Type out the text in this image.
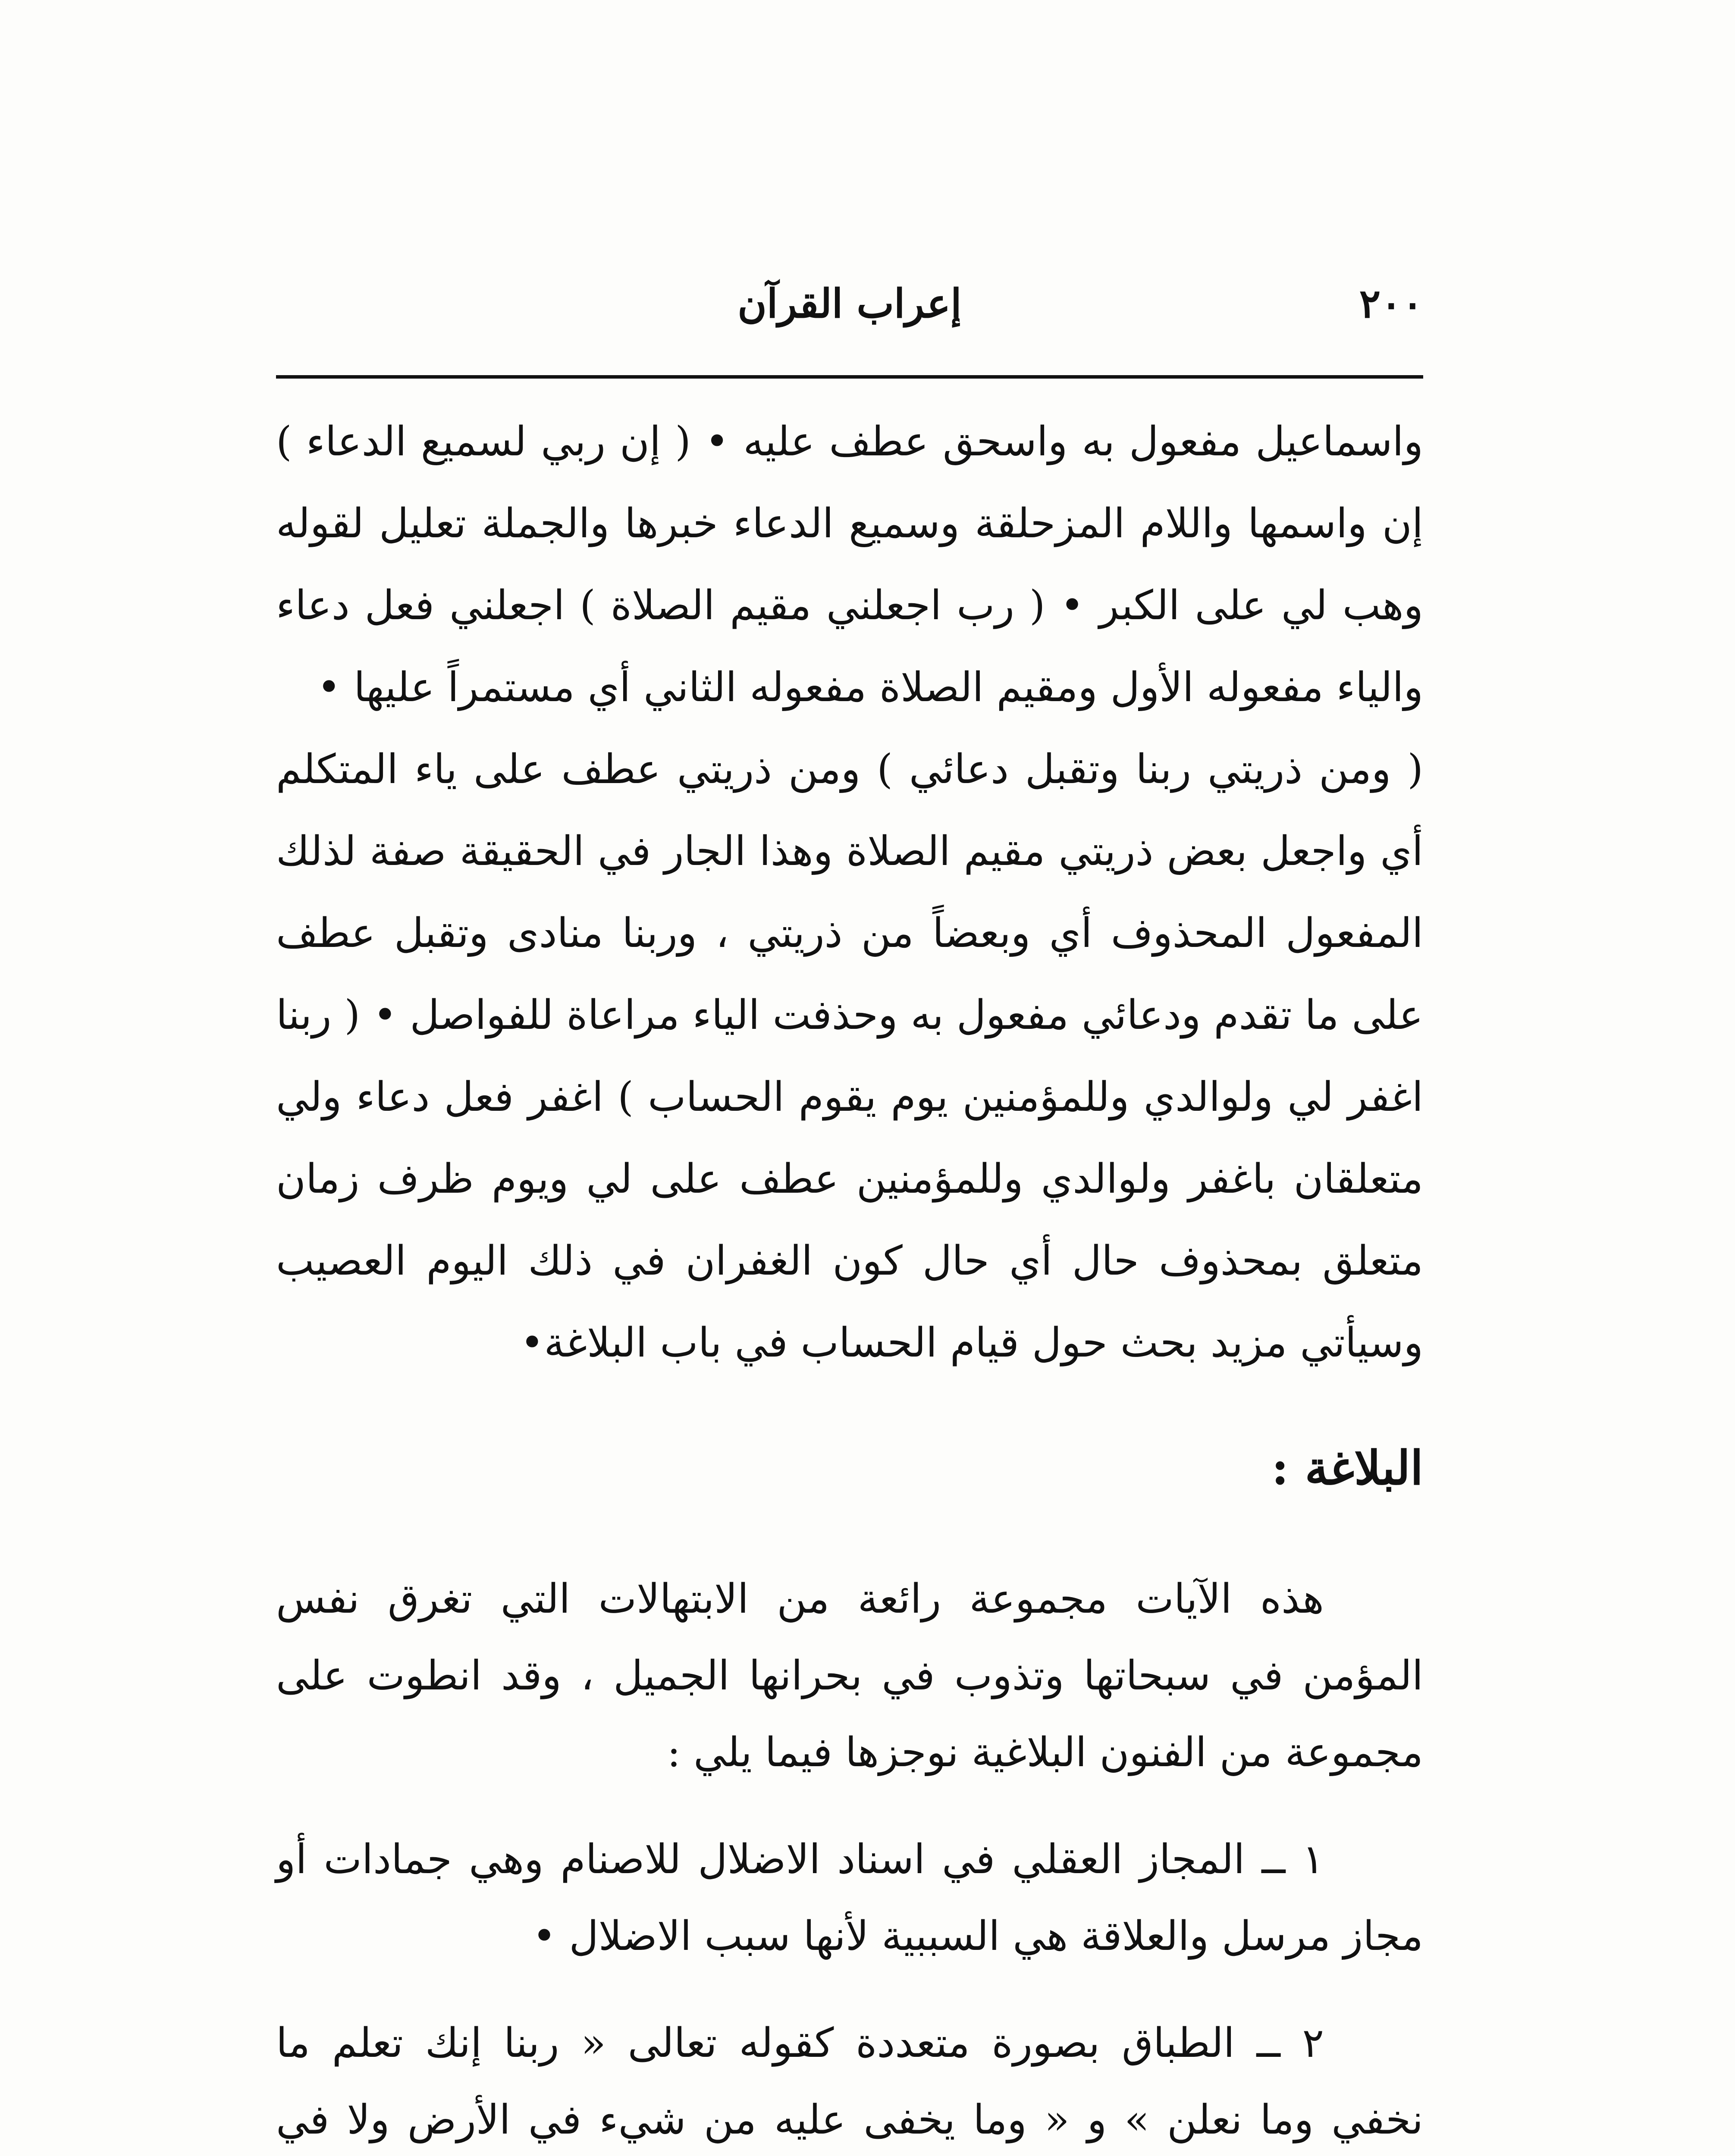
٢٠٠
إعراب القرآن

واسماعيل مفعول به واسحق عطف عليه • ( إن ربي لسميع الدعاء ) إن واسمها واللام المزحلقة وسميع الدعاء خبرها والجملة تعليل لقوله وهب لي على الكبر • ( رب اجعلني مقيم الصلاة ) اجعلني فعل دعاء والياء مفعوله الأول ومقيم الصلاة مفعوله الثاني أي مستمراً عليها •

( ومن ذريتي ربنا وتقبل دعائي ) ومن ذريتي عطف على ياء المتكلم أي واجعل بعض ذريتي مقيم الصلاة وهذا الجار في الحقيقة صفة لذلك المفعول المحذوف أي وبعضاً من ذريتي ، وربنا منادى وتقبل عطف على ما تقدم ودعائي مفعول به وحذفت الياء مراعاة للفواصل • ( ربنا اغفر لي ولوالدي وللمؤمنين يوم يقوم الحساب ) اغفر فعل دعاء ولي متعلقان باغفر ولوالدي وللمؤمنين عطف على لي ويوم ظرف زمان متعلق بمحذوف حال أي حال كون الغفران في ذلك اليوم العصيب وسيأتي مزيد بحث حول قيام الحساب في باب البلاغة•

البلاغة :

هذه الآيات مجموعة رائعة من الابتهالات التي تغرق نفس المؤمن في سبحاتها وتذوب في بحرانها الجميل ، وقد انطوت على مجموعة من الفنون البلاغية نوجزها فيما يلي :

١ ــ المجاز العقلي في اسناد الاضلال للاصنام وهي جمادات أو مجاز مرسل والعلاقة هي السببية لأنها سبب الاضلال •

٢ ــ الطباق بصورة متعددة كقوله تعالى « ربنا إنك تعلم ما نخفي وما نعلن » و « وما يخفى عليه من شيء في الأرض ولا في
